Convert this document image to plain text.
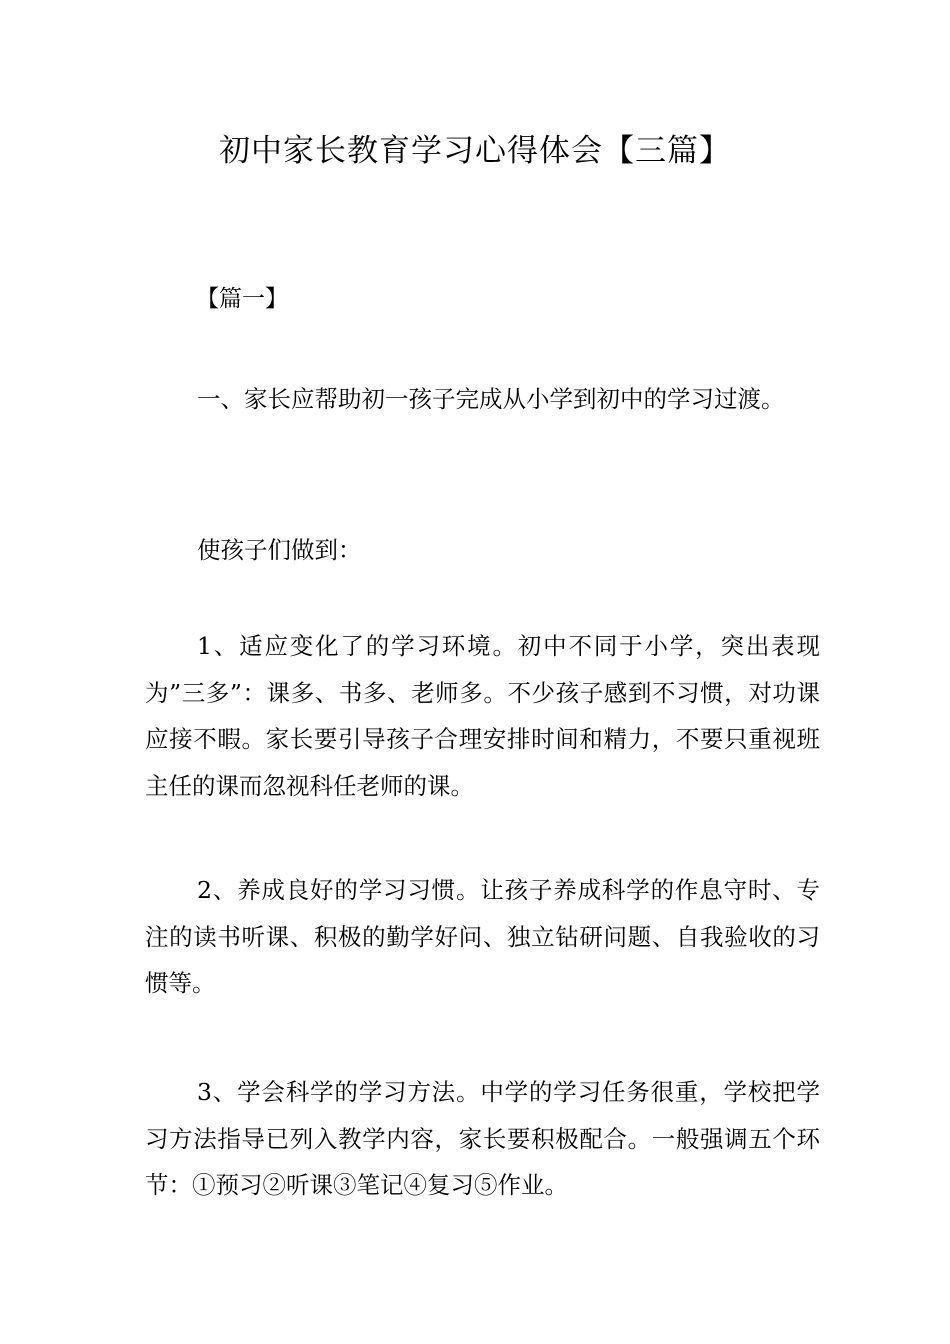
初中家长教育学习心得体会【三篇】
【篇一】

一、家长应帮助初一孩子完成从小学到初中的学习过渡。

使孩子们做到：

1、适应变化了的学习环境。初中不同于小学，突出表现为”三多”：课多、书多、老师多。不少孩子感到不习惯，对功课应接不暇。家长要引导孩子合理安排时间和精力，不要只重视班主任的课而忽视科任老师的课。

2、养成良好的学习习惯。让孩子养成科学的作息守时、专注的读书听课、积极的勤学好问、独立钻研问题、自我验收的习惯等。

3、学会科学的学习方法。中学的学习任务很重，学校把学习方法指导已列入教学内容，家长要积极配合。一般强调五个环节：①预习②听课③笔记④复习⑤作业。
